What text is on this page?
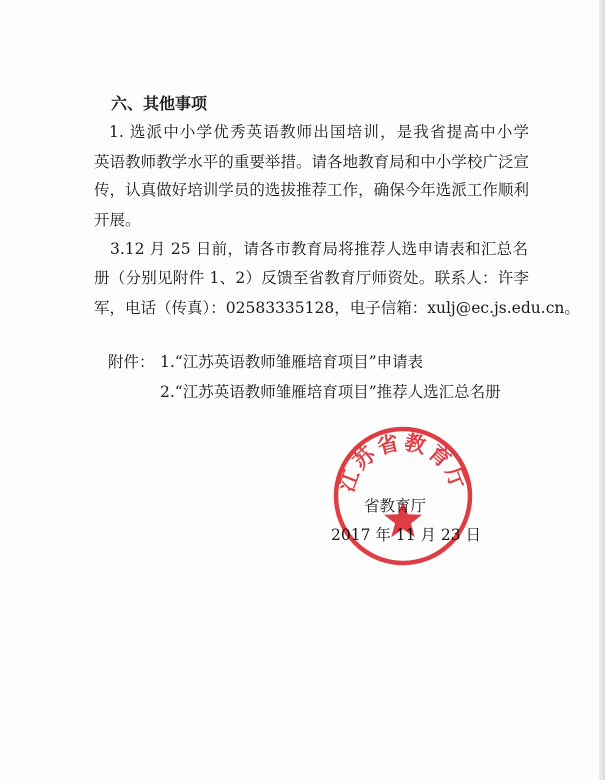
六、其他事项
1. 选派中小学优秀英语教师出国培训，是我省提高中小学
英语教师教学水平的重要举措。请各地教育局和中小学校广泛宣
传，认真做好培训学员的选拔推荐工作，确保今年选派工作顺利
开展。
3.12 月 25 日前，请各市教育局将推荐人选申请表和汇总名
册（分别见附件 1、2）反馈至省教育厅师资处。联系人：许李
军，电话（传真）：02583335128，电子信箱：xulj@ec.js.edu.cn。
附件： 1.“江苏英语教师雏雁培育项目”申请表
2.“江苏英语教师雏雁培育项目”推荐人选汇总名册
江苏省教育厅
省教育厅
2017 年 11 月 23 日
